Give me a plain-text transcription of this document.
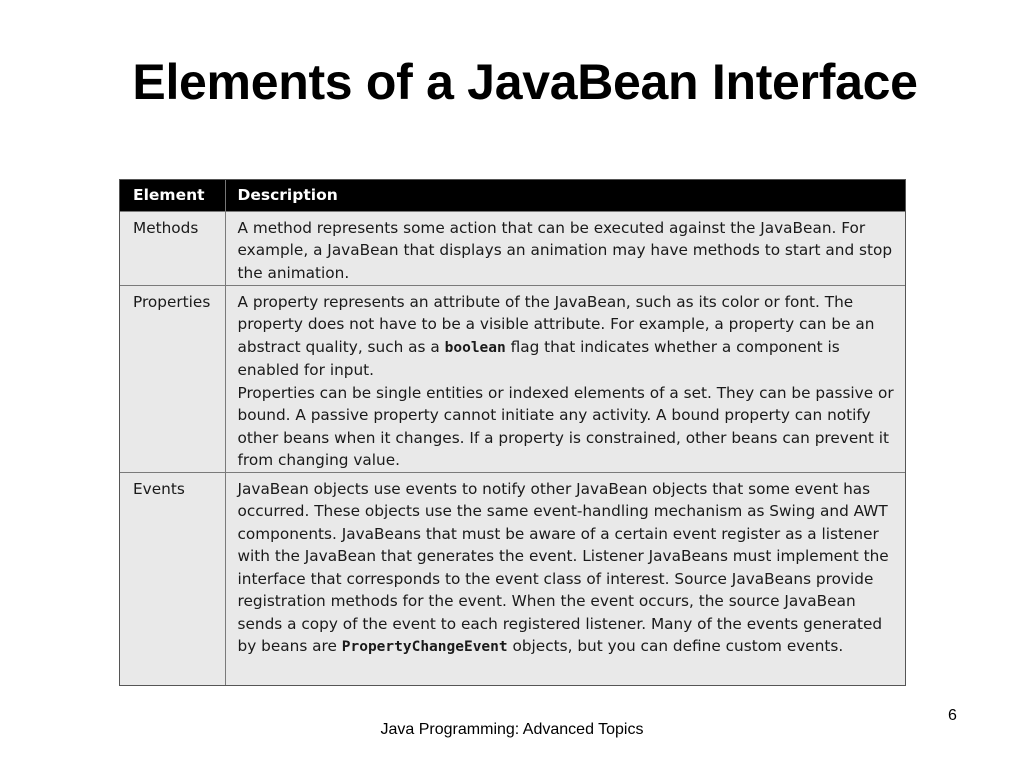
Elements of a JavaBean Interface
Element	Description
Methods	A method represents some action that can be executed against the JavaBean. For example, a JavaBean that displays an animation may have methods to start and stop the animation.
Properties	A property represents an attribute of the JavaBean, such as its color or font. The property does not have to be a visible attribute. For example, a property can be an abstract quality, such as a boolean flag that indicates whether a component is enabled for input.
Properties can be single entities or indexed elements of a set. They can be passive or bound. A passive property cannot initiate any activity. A bound property can notify other beans when it changes. If a property is constrained, other beans can prevent it from changing value.
Events	JavaBean objects use events to notify other JavaBean objects that some event has occurred. These objects use the same event-handling mechanism as Swing and AWT components. JavaBeans that must be aware of a certain event register as a listener with the JavaBean that generates the event. Listener JavaBeans must implement the interface that corresponds to the event class of interest. Source JavaBeans provide registration methods for the event. When the event occurs, the source JavaBean sends a copy of the event to each registered listener. Many of the events generated by beans are PropertyChangeEvent objects, but you can define custom events.
6
Java Programming: Advanced Topics
